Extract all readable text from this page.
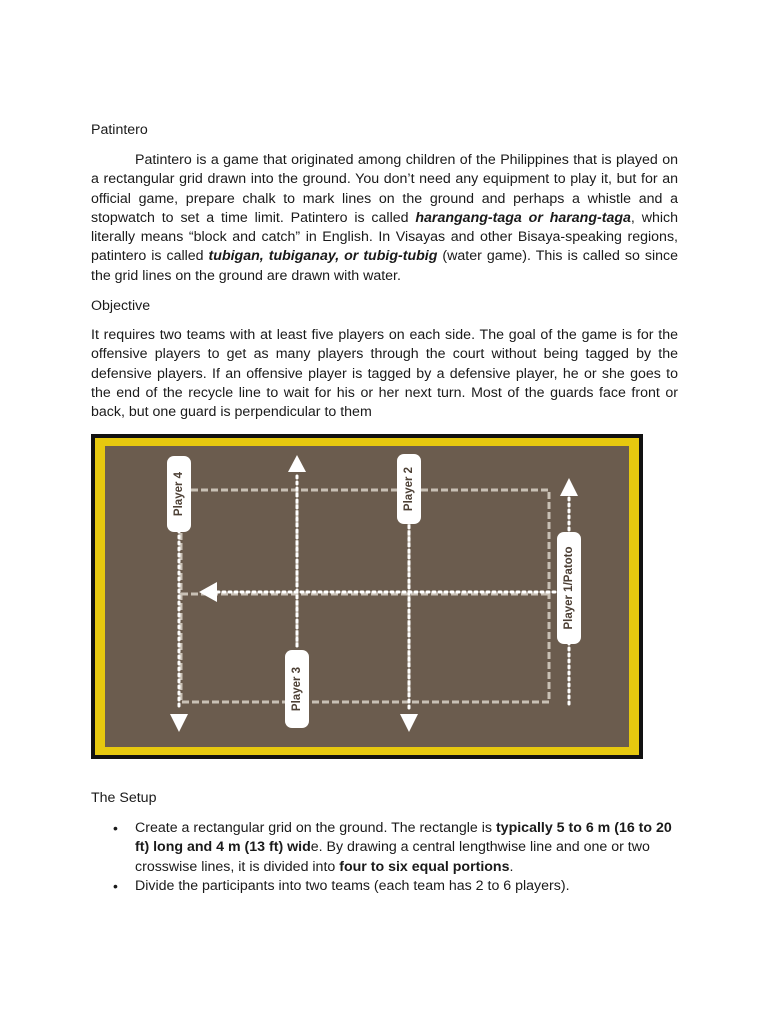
Patintero

Patintero is a game that originated among children of the Philippines that is played on a rectangular grid drawn into the ground. You don’t need any equipment to play it, but for an official game, prepare chalk to mark lines on the ground and perhaps a whistle and a stopwatch to set a time limit. Patintero is called harangang-taga or harang-taga, which literally means “block and catch” in English. In Visayas and other Bisaya-speaking regions, patintero is called tubigan, tubiganay, or tubig-tubig (water game). This is called so since the grid lines on the ground are drawn with water.

Objective

It requires two teams with at least five players on each side. The goal of the game is for the offensive players to get as many players through the court without being tagged by the defensive players. If an offensive player is tagged by a defensive player, he or she goes to the end of the recycle line to wait for his or her next turn. Most of the guards face front or back, but one guard is perpendicular to them

Player 4	Player 2
Player 1/Patoto
Player 3
The Setup
• Create a rectangular grid on the ground. The rectangle is typically 5 to 6 m (16 to 20 ft) long and 4 m (13 ft) wide. By drawing a central lengthwise line and one or two crosswise lines, it is divided into four to six equal portions.
• Divide the participants into two teams (each team has 2 to 6 players).
